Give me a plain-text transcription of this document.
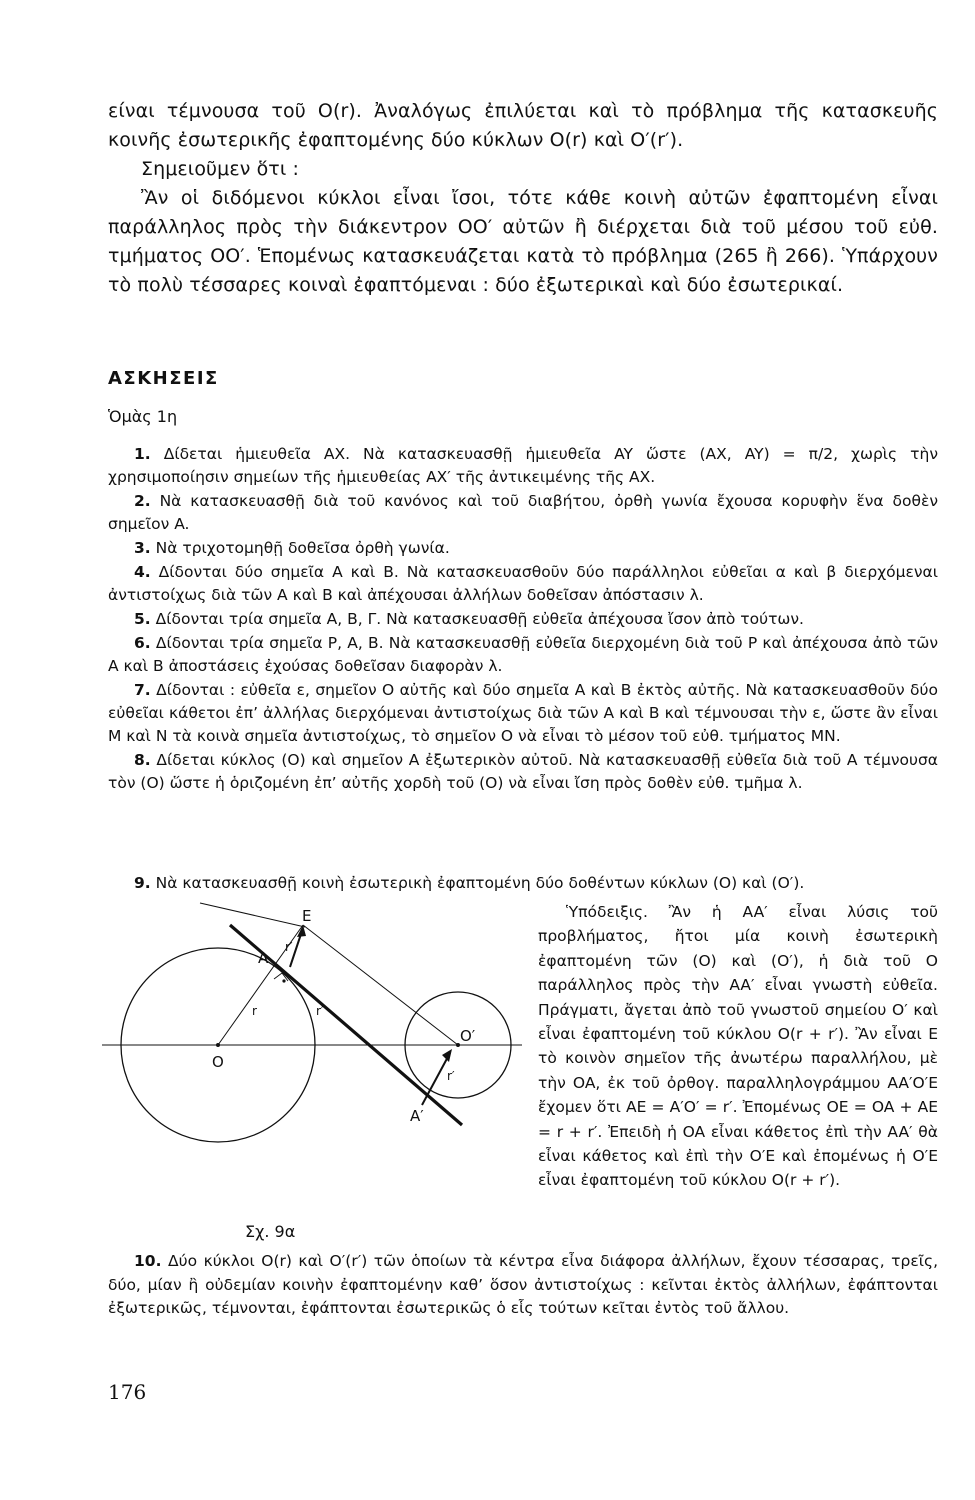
είναι τέμνουσα τοῦ O(r). Ἀναλόγως ἐπιλύεται καὶ τὸ πρόβλημα τῆς κατασκευῆς κοινῆς ἐσωτερικῆς ἐφαπτομένης δύο κύκλων O(r) καὶ O′(r′).

Σημειοῦμεν ὅτι :

Ἂν οἱ διδόμενοι κύκλοι εἶναι ἴσοι, τότε κάθε κοινὴ αὐτῶν ἐφαπτομένη εἶναι παράλληλος πρὸς τὴν διάκεντρον OO′ αὐτῶν ἢ διέρχεται διὰ τοῦ μέσου τοῦ εὐθ. τμήματος OO′. Ἑπομένως κατασκευάζεται κατὰ τὸ πρόβλημα (265 ἢ 266). Ὑπάρχουν τὸ πολὺ τέσσαρες κοιναὶ ἐφαπτόμεναι : δύο ἐξωτερικαὶ καὶ δύο ἐσωτερικαί.

ΑΣΚΗΣΕΙΣ

Ὁμὰς 1η

1. Δίδεται ἡμιευθεῖα AX. Νὰ κατασκευασθῇ ἡμιευθεῖα AY ὥστε (AX, AY) = π/2, χωρὶς τὴν χρησιμοποίησιν σημείων τῆς ἡμιευθείας AX′ τῆς ἀντικειμένης τῆς AX.

2. Νὰ κατασκευασθῇ διὰ τοῦ κανόνος καὶ τοῦ διαβήτου, ὀρθὴ γωνία ἔχουσα κορυφὴν ἕνα δοθὲν σημεῖον A.

3. Νὰ τριχοτομηθῇ δοθεῖσα ὀρθὴ γωνία.

4. Δίδονται δύο σημεῖα A καὶ B. Νὰ κατασκευασθοῦν δύο παράλληλοι εὐθεῖαι α καὶ β διερχόμεναι ἀντιστοίχως διὰ τῶν A καὶ B καὶ ἀπέχουσαι ἀλλήλων δοθεῖσαν ἀπόστασιν λ.

5. Δίδονται τρία σημεῖα A, B, Γ. Νὰ κατασκευασθῇ εὐθεῖα ἀπέχουσα ἴσον ἀπὸ τούτων.

6. Δίδονται τρία σημεῖα P, A, B. Νὰ κατασκευασθῇ εὐθεῖα διερχομένη διὰ τοῦ P καὶ ἀπέχουσα ἀπὸ τῶν A καὶ B ἀποστάσεις ἐχούσας δοθεῖσαν διαφορὰν λ.

7. Δίδονται : εὐθεῖα ε, σημεῖον O αὐτῆς καὶ δύο σημεῖα A καὶ B ἐκτὸς αὐτῆς. Νὰ κατασκευασθοῦν δύο εὐθεῖαι κάθετοι ἐπ’ ἀλλήλας διερχόμεναι ἀντιστοίχως διὰ τῶν A καὶ B καὶ τέμνουσαι τὴν ε, ὥστε ἂν εἶναι M καὶ N τὰ κοινὰ σημεῖα ἀντιστοίχως, τὸ σημεῖον O νὰ εἶναι τὸ μέσον τοῦ εὐθ. τμήματος MN.

8. Δίδεται κύκλος (O) καὶ σημεῖον A ἐξωτερικὸν αὐτοῦ. Νὰ κατασκευασθῇ εὐθεῖα διὰ τοῦ A τέμνουσα τὸν (O) ὥστε ἡ ὁριζομένη ἐπ’ αὐτῆς χορδὴ τοῦ (O) νὰ εἶναι ἴση πρὸς δοθὲν εὐθ. τμῆμα λ.

9. Νὰ κατασκευασθῇ κοινὴ ἐσωτερικὴ ἐφαπτομένη δύο δοθέντων κύκλων (O) καὶ (O′).

O
O′
A
A′
E
r
r′
r′
r′

Σχ. 9α

Ὑπόδειξις. Ἂν ἡ AA′ εἶναι λύσις τοῦ προβλήματος, ἤτοι μία κοινὴ ἐσωτερικὴ ἐφαπτομένη τῶν (O) καὶ (O′), ἡ διὰ τοῦ O παράλληλος πρὸς τὴν AA′ εἶναι γνωστὴ εὐθεῖα. Πράγματι, ἄγεται ἀπὸ τοῦ γνωστοῦ σημείου O′ καὶ εἶναι ἐφαπτομένη τοῦ κύκλου O(r + r′). Ἂν εἶναι E τὸ κοινὸν σημεῖον τῆς ἀνωτέρω παραλλήλου, μὲ τὴν OA, ἐκ τοῦ ὀρθογ. παραλληλογράμμου AA′O′E ἔχομεν ὅτι AE = A′O′ = r′. Ἐπομένως OE = OA + AE = r + r′. Ἐπειδὴ ἡ OA εἶναι κάθετος ἐπὶ τὴν AA′ θὰ εἶναι κάθετος καὶ ἐπὶ τὴν O′E καὶ ἐπομένως ἡ O′E εἶναι ἐφαπτομένη τοῦ κύκλου O(r + r′).

10. Δύο κύκλοι O(r) καὶ O′(r′) τῶν ὁποίων τὰ κέντρα εἶνα διάφορα ἀλλήλων, ἔχουν τέσσαρας, τρεῖς, δύο, μίαν ἢ οὐδεμίαν κοινὴν ἐφαπτομένην καθ’ ὅσον ἀντιστοίχως : κεῖνται ἐκτὸς ἀλλήλων, ἐφάπτονται ἐξωτερικῶς, τέμνονται, ἐφάπτονται ἐσωτερικῶς ὁ εἷς τούτων κεῖται ἐντὸς τοῦ ἄλλου.

176
